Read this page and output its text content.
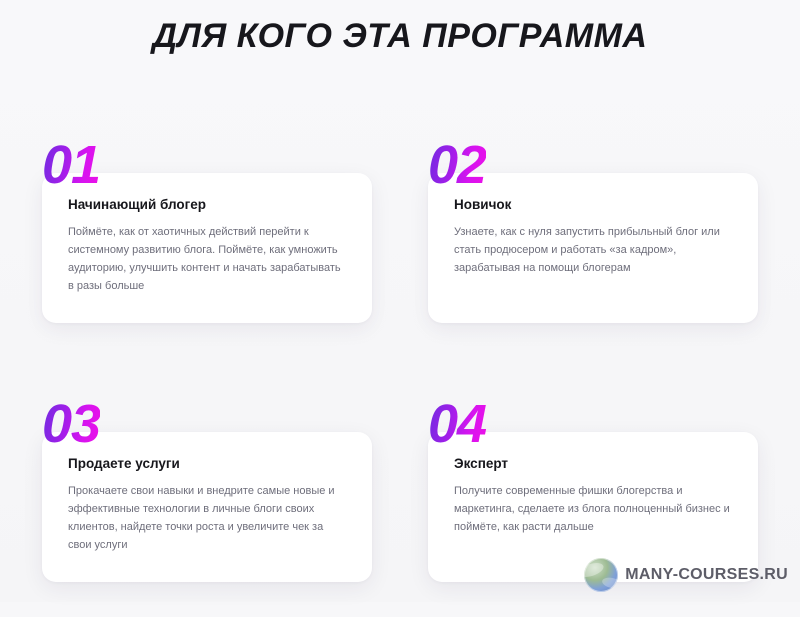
ДЛЯ КОГО ЭТА ПРОГРАММА
01

Начинающий блогер

Поймёте, как от хаотичных действий перейти к системному развитию блога. Поймёте, как умножить аудиторию, улучшить контент и начать зарабатывать в разы больше

02

Новичок

Узнаете, как с нуля запустить прибыльный блог или стать продюсером и работать «за кадром», зарабатывая на помощи блогерам

03

Продаете услуги

Прокачаете свои навыки и внедрите самые новые и эффективные технологии в личные блоги своих клиентов, найдете точки роста и увеличите чек за свои услуги

04

Эксперт

Получите современные фишки блогерства и маркетинга, сделаете из блога полноценный бизнес и поймёте, как расти дальше

MANY-COURSES.RU
